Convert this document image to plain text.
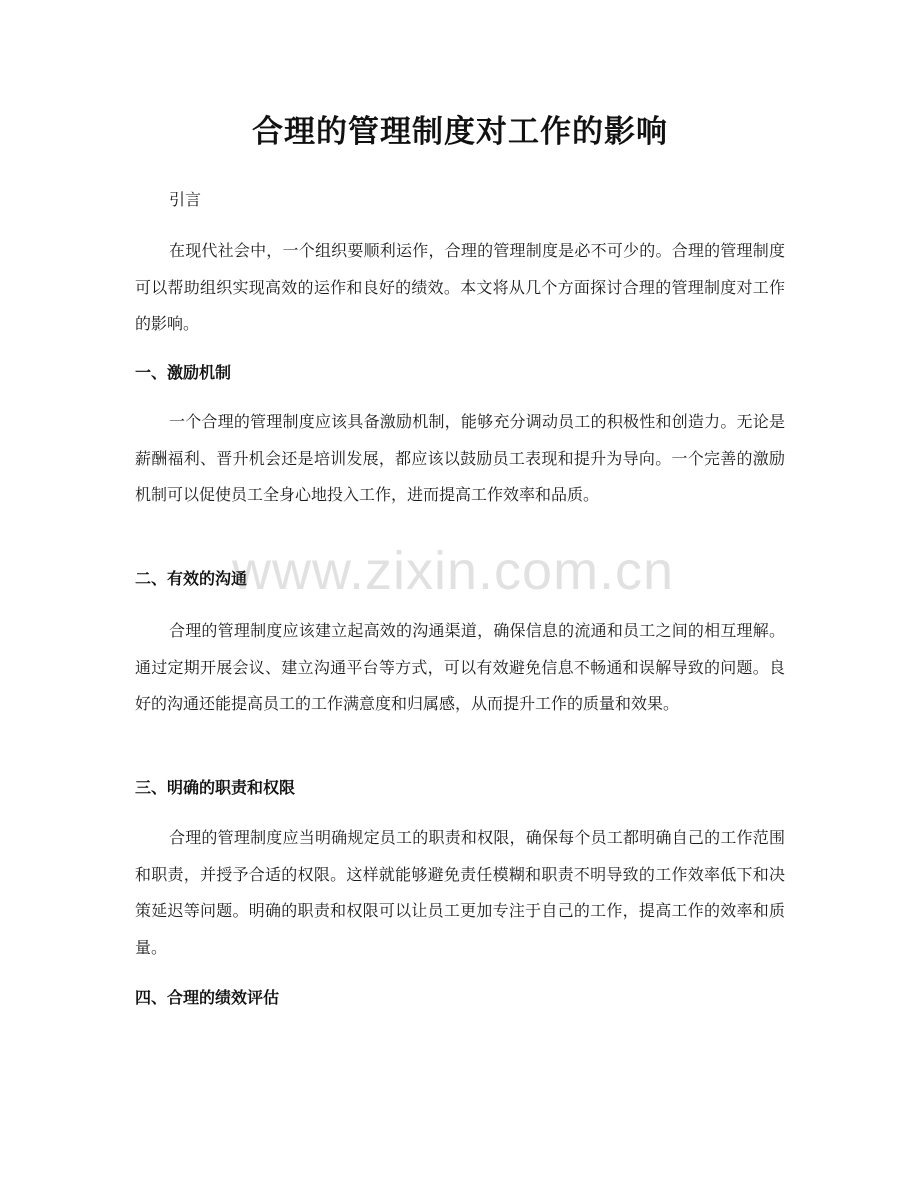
合理的管理制度对工作的影响
引言

在现代社会中，一个组织要顺利运作，合理的管理制度是必不可少的。合理的管理制度可以帮助组织实现高效的运作和良好的绩效。本文将从几个方面探讨合理的管理制度对工作的影响。

一、激励机制

一个合理的管理制度应该具备激励机制，能够充分调动员工的积极性和创造力。无论是薪酬福利、晋升机会还是培训发展，都应该以鼓励员工表现和提升为导向。一个完善的激励机制可以促使员工全身心地投入工作，进而提高工作效率和品质。

二、有效的沟通

合理的管理制度应该建立起高效的沟通渠道，确保信息的流通和员工之间的相互理解。通过定期开展会议、建立沟通平台等方式，可以有效避免信息不畅通和误解导致的问题。良好的沟通还能提高员工的工作满意度和归属感，从而提升工作的质量和效果。

三、明确的职责和权限

合理的管理制度应当明确规定员工的职责和权限，确保每个员工都明确自己的工作范围和职责，并授予合适的权限。这样就能够避免责任模糊和职责不明导致的工作效率低下和决策延迟等问题。明确的职责和权限可以让员工更加专注于自己的工作，提高工作的效率和质量。

四、合理的绩效评估
www.zixin.com.cn
